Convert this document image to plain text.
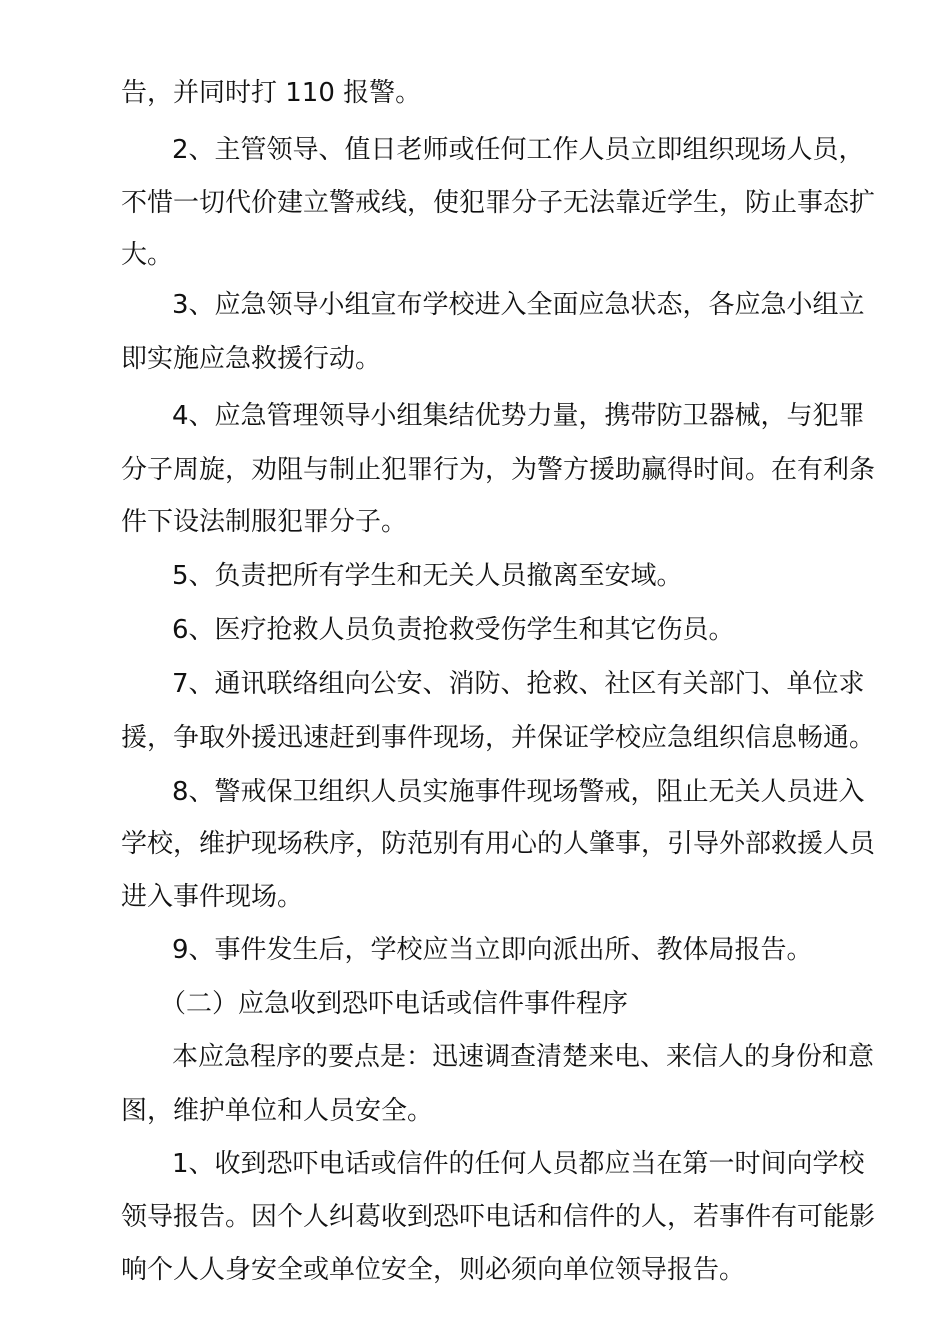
告，并同时打 110 报警。
2、主管领导、值日老师或任何工作人员立即组织现场人员，
不惜一切代价建立警戒线，使犯罪分子无法靠近学生，防止事态扩
大。
3、应急领导小组宣布学校进入全面应急状态，各应急小组立
即实施应急救援行动。
4、应急管理领导小组集结优势力量，携带防卫器械，与犯罪
分子周旋，劝阻与制止犯罪行为，为警方援助赢得时间。在有利条
件下设法制服犯罪分子。
5、负责把所有学生和无关人员撤离至安域。
6、医疗抢救人员负责抢救受伤学生和其它伤员。
7、通讯联络组向公安、消防、抢救、社区有关部门、单位求
援，争取外援迅速赶到事件现场，并保证学校应急组织信息畅通。
8、警戒保卫组织人员实施事件现场警戒，阻止无关人员进入
学校，维护现场秩序，防范别有用心的人肇事，引导外部救援人员
进入事件现场。
9、事件发生后，学校应当立即向派出所、教体局报告。
（二）应急收到恐吓电话或信件事件程序
本应急程序的要点是：迅速调查清楚来电、来信人的身份和意
图，维护单位和人员安全。
1、收到恐吓电话或信件的任何人员都应当在第一时间向学校
领导报告。因个人纠葛收到恐吓电话和信件的人，若事件有可能影
响个人人身安全或单位安全，则必须向单位领导报告。
